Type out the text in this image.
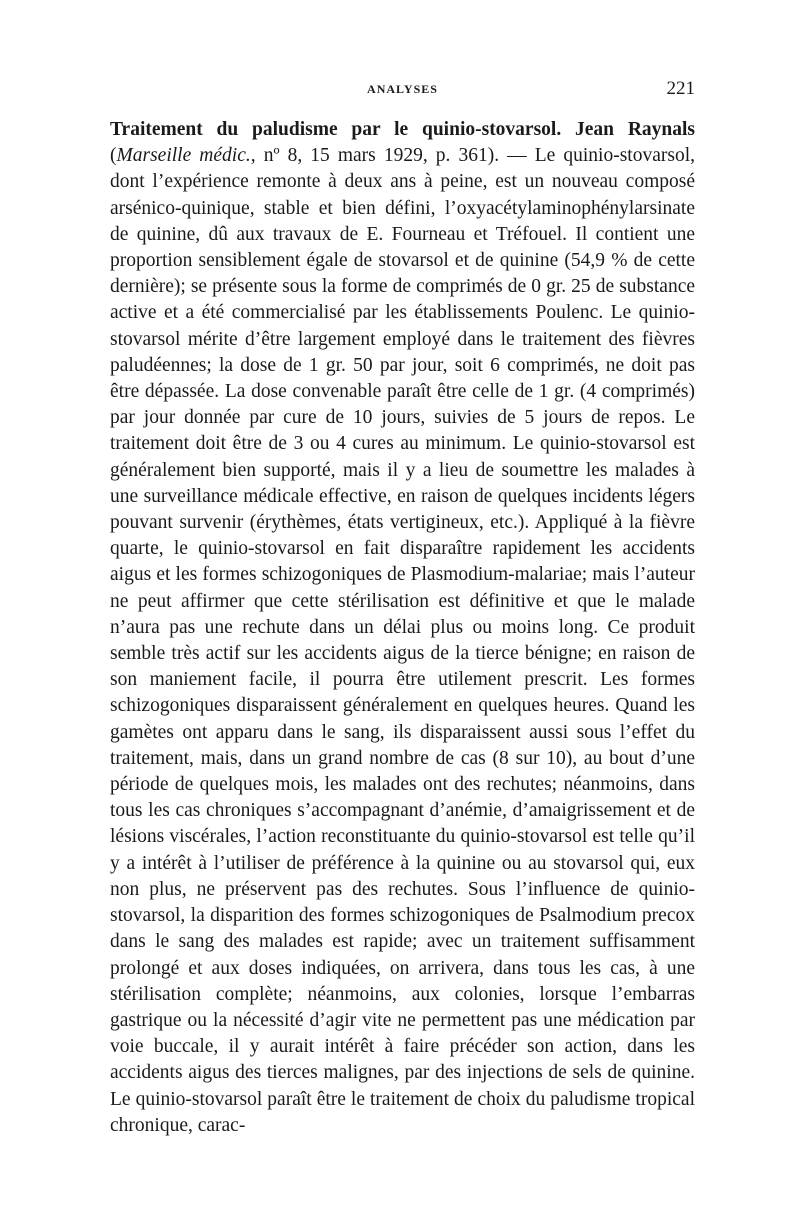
ANALYSES	221

Traitement du paludisme par le quinio-stovarsol. Jean Raynals (Marseille médic., nº 8, 15 mars 1929, p. 361). — Le quinio-stovarsol, dont l’expérience remonte à deux ans à peine, est un nouveau composé arsénico-quinique, stable et bien défini, l’oxyacétylaminophénylarsinate de quinine, dû aux travaux de E. Fourneau et Tréfouel. Il contient une proportion sensiblement égale de stovarsol et de quinine (54,9 % de cette dernière); se présente sous la forme de comprimés de 0 gr. 25 de substance active et a été commercialisé par les établissements Poulenc. Le quinio-stovarsol mérite d’être largement employé dans le traitement des fièvres paludéennes; la dose de 1 gr. 50 par jour, soit 6 comprimés, ne doit pas être dépassée. La dose convenable paraît être celle de 1 gr. (4 comprimés) par jour donnée par cure de 10 jours, suivies de 5 jours de repos. Le traitement doit être de 3 ou 4 cures au minimum. Le quinio-stovarsol est généralement bien supporté, mais il y a lieu de soumettre les malades à une surveillance médicale effective, en raison de quelques incidents légers pouvant survenir (érythèmes, états vertigineux, etc.). Appliqué à la fièvre quarte, le quinio-stovarsol en fait disparaître rapidement les accidents aigus et les formes schizogoniques de Plasmodium-malariae; mais l’auteur ne peut affirmer que cette stérilisation est définitive et que le malade n’aura pas une rechute dans un délai plus ou moins long. Ce produit semble très actif sur les accidents aigus de la tierce bénigne; en raison de son maniement facile, il pourra être utilement prescrit. Les formes schizogoniques disparaissent généralement en quelques heures. Quand les gamètes ont apparu dans le sang, ils disparaissent aussi sous l’effet du traitement, mais, dans un grand nombre de cas (8 sur 10), au bout d’une période de quelques mois, les malades ont des rechutes; néanmoins, dans tous les cas chroniques s’accompagnant d’anémie, d’amaigrissement et de lésions viscérales, l’action reconstituante du quinio-stovarsol est telle qu’il y a intérêt à l’utiliser de préférence à la quinine ou au stovarsol qui, eux non plus, ne préservent pas des rechutes. Sous l’influence de quinio-stovarsol, la disparition des formes schizogoniques de Psalmodium precox dans le sang des malades est rapide; avec un traitement suffisamment prolongé et aux doses indiquées, on arrivera, dans tous les cas, à une stérilisation complète; néanmoins, aux colonies, lorsque l’embarras gastrique ou la nécessité d’agir vite ne permettent pas une médication par voie buccale, il y aurait intérêt à faire précéder son action, dans les accidents aigus des tierces malignes, par des injections de sels de quinine. Le quinio-stovarsol paraît être le traitement de choix du paludisme tropical chronique, carac-
